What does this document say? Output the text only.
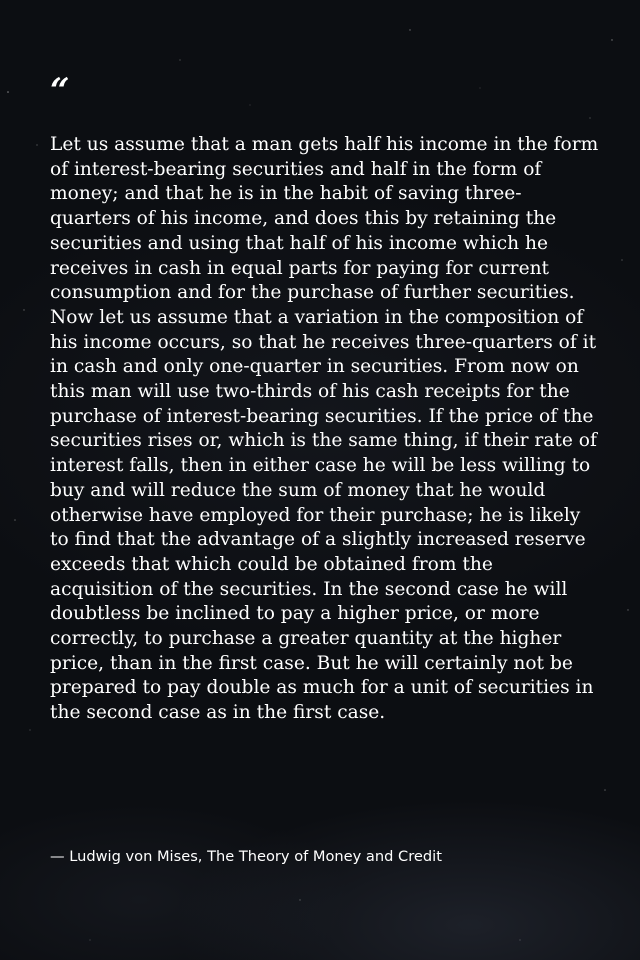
“

Let us assume that a man gets half his income in the form of interest-bearing securities and half in the form of money; and that he is in the habit of saving three-quarters of his income, and does this by retaining the securities and using that half of his income which he receives in cash in equal parts for paying for current consumption and for the purchase of further securities. Now let us assume that a variation in the composition of his income occurs, so that he receives three-quarters of it in cash and only one-quarter in securities. From now on this man will use two-thirds of his cash receipts for the purchase of interest-bearing securities. If the price of the securities rises or, which is the same thing, if their rate of interest falls, then in either case he will be less willing to buy and will reduce the sum of money that he would otherwise have employed for their purchase; he is likely to find that the advantage of a slightly increased reserve exceeds that which could be obtained from the acquisition of the securities. In the second case he will doubtless be inclined to pay a higher price, or more correctly, to purchase a greater quantity at the higher price, than in the first case. But he will certainly not be prepared to pay double as much for a unit of securities in the second case as in the first case.

— Ludwig von Mises, The Theory of Money and Credit
